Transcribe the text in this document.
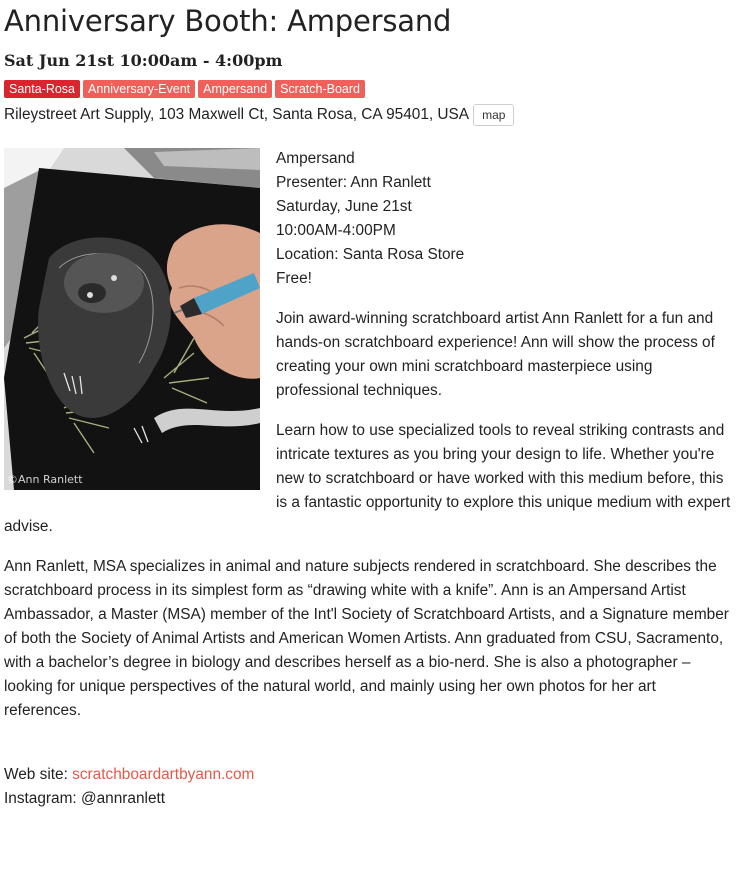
Anniversary Booth: Ampersand
Sat Jun 21st 10:00am - 4:00pm
Santa-Rosa	Anniversary-Event	Ampersand	Scratch-Board
Rileystreet Art Supply, 103 Maxwell Ct, Santa Rosa, CA 95401, USA	map
©Ann Ranlett
Ampersand
Presenter: Ann Ranlett
Saturday, June 21st
10:00AM-4:00PM
Location: Santa Rosa Store
Free!

Join award-winning scratchboard artist Ann Ranlett for a fun and hands-on scratchboard experience! Ann will show the process of creating your own mini scratchboard masterpiece using professional techniques.

Learn how to use specialized tools to reveal striking contrasts and intricate textures as you bring your design to life. Whether you're new to scratchboard or have worked with this medium before, this is a fantastic opportunity to explore this unique medium with expert advise.

Ann Ranlett, MSA specializes in animal and nature subjects rendered in scratchboard. She describes the
scratchboard process in its simplest form as “drawing white with a knife”. Ann is an Ampersand Artist Ambassador, a Master (MSA) member of the Int'l Society of Scratchboard Artists, and a Signature member of both the Society of Animal Artists and American Women Artists. Ann graduated from CSU, Sacramento, with a bachelor’s degree in biology and describes herself as a bio-nerd. She is also a photographer – looking for unique perspectives of the natural world, and mainly using her own photos for her art references.

Web site: scratchboardartbyann.com

Instagram: @annranlett
